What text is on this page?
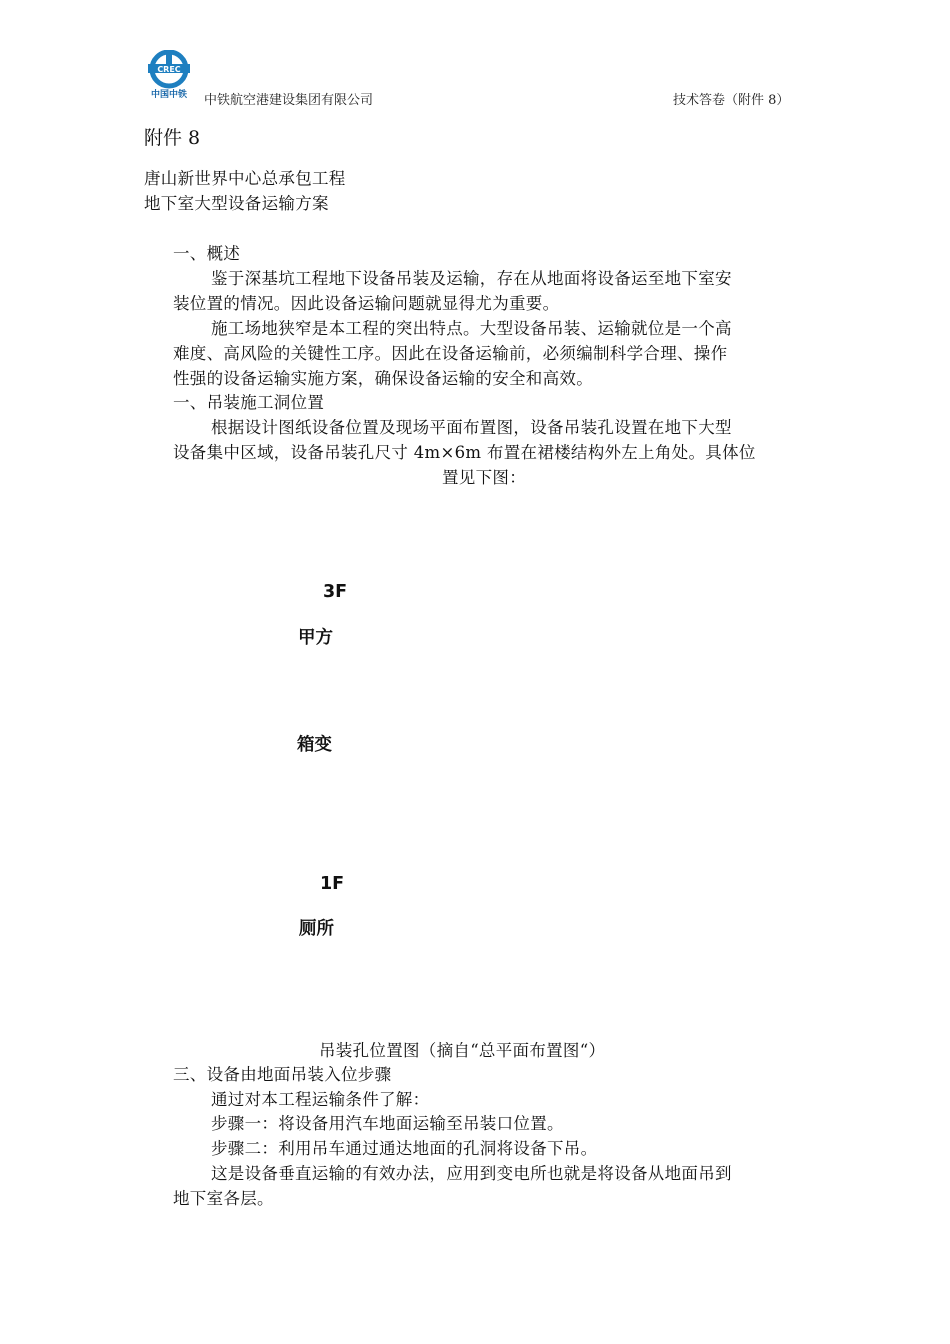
CREC
中国中铁 中铁航空港建设集团有限公司	技术答卷（附件 8）
附件 8
唐山新世界中心总承包工程
地下室大型设备运输方案
一、概述
鉴于深基坑工程地下设备吊装及运输，存在从地面将设备运至地下室安
装位置的情况。因此设备运输问题就显得尤为重要。
施工场地狭窄是本工程的突出特点。大型设备吊装、运输就位是一个高
难度、高风险的关键性工序。因此在设备运输前，必须编制科学合理、操作
性强的设备运输实施方案，确保设备运输的安全和高效。
一、吊装施工洞位置
根据设计图纸设备位置及现场平面布置图，设备吊装孔设置在地下大型
设备集中区域，设备吊装孔尺寸 4m×6m 布置在裙楼结构外左上角处。具体位
置见下图：
3F
甲方
箱变
1F
厕所
吊装孔位置图（摘自“总平面布置图“）
三、设备由地面吊装入位步骤
通过对本工程运输条件了解：
步骤一：将设备用汽车地面运输至吊装口位置。
步骤二：利用吊车通过通达地面的孔洞将设备下吊。
这是设备垂直运输的有效办法，应用到变电所也就是将设备从地面吊到
地下室各层。
